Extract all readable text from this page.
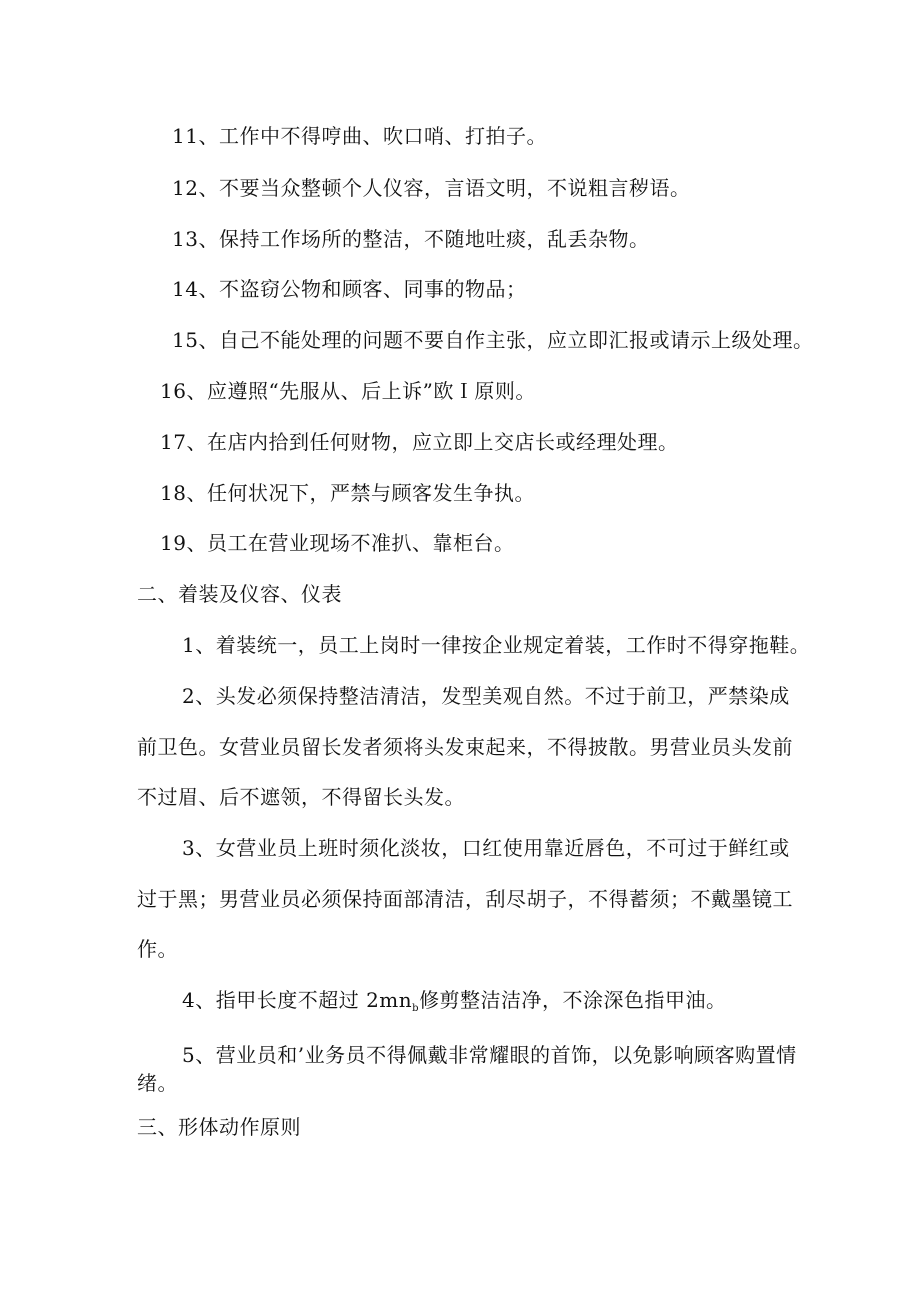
11、工作中不得哼曲、吹口哨、打拍子。
12、不要当众整顿个人仪容，言语文明，不说粗言秽语。
13、保持工作场所的整洁，不随地吐痰，乱丢杂物。
14、不盗窃公物和顾客、同事的物品；
15、自己不能处理的问题不要自作主张，应立即汇报或请示上级处理。
16、应遵照“先服从、后上诉”欧Ｉ原则。
17、在店内拾到任何财物，应立即上交店长或经理处理。
18、任何状况下，严禁与顾客发生争执。
19、员工在营业现场不准扒、靠柜台。
二、着装及仪容、仪表
1、着装统一，员工上岗时一律按企业规定着装，工作时不得穿拖鞋。
2、头发必须保持整洁清洁，发型美观自然。不过于前卫，严禁染成
前卫色。女营业员留长发者须将头发束起来，不得披散。男营业员头发前
不过眉、后不遮领，不得留长头发。
3、女营业员上班时须化淡妆，口红使用靠近唇色，不可过于鲜红或
过于黑；男营业员必须保持面部清洁，刮尽胡子，不得蓄须；不戴墨镜工
作。
4、指甲长度不超过 $2mn_b$修剪整洁洁净，不涂深色指甲油。
5、营业员和’业务员不得佩戴非常耀眼的首饰，以免影响顾客购置情
绪。
三、形体动作原则
